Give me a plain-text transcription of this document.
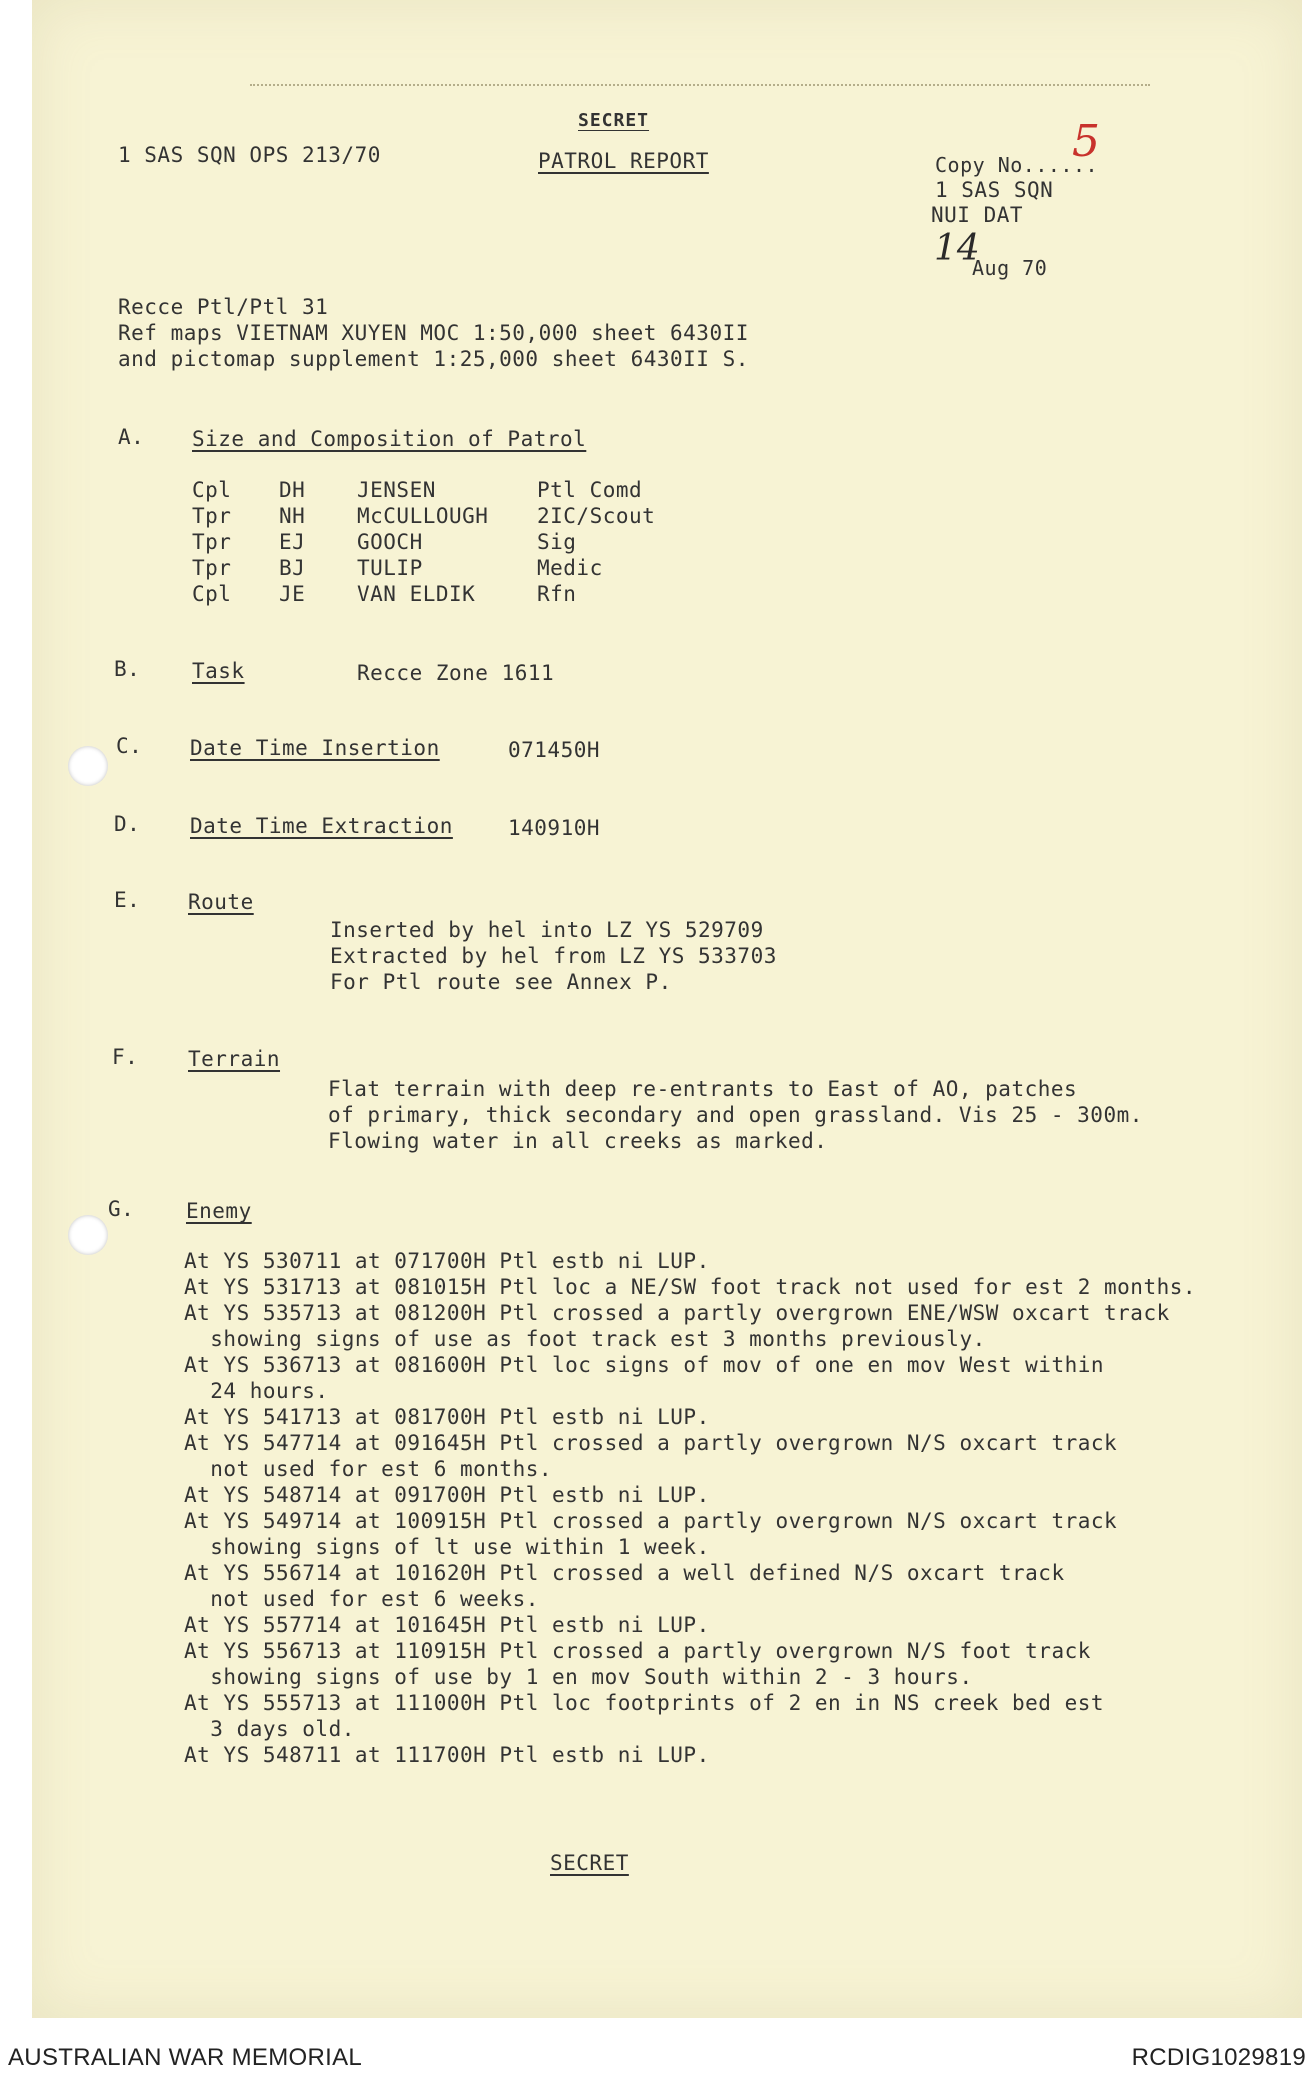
SECRET
1 SAS SQN OPS 213/70	PATROL REPORT	Copy No......
5
1 SAS SQN
NUI DAT
14
Aug 70
Recce Ptl/Ptl 31
Ref maps VIETNAM XUYEN MOC 1:50,000 sheet 6430II
and pictomap supplement 1:25,000 sheet 6430II S.
A. Size and Composition of Patrol
Cpl	DH	JENSEN	Ptl Comd
Tpr	NH	McCULLOUGH	2IC/Scout
Tpr	EJ	GOOCH	Sig
Tpr	BJ	TULIP	Medic
Cpl	JE	VAN ELDIK	Rfn
B. Task	Recce Zone 1611
C. Date Time Insertion	071450H
D. Date Time Extraction	140910H
E. Route
Inserted by hel into LZ YS 529709
Extracted by hel from LZ YS 533703
For Ptl route see Annex P.
F. Terrain
Flat terrain with deep re-entrants to East of AO, patches
of primary, thick secondary and open grassland. Vis 25 - 300m.
Flowing water in all creeks as marked.
G. Enemy
At YS 530711 at 071700H Ptl estb ni LUP.
At YS 531713 at 081015H Ptl loc a NE/SW foot track not used for est 2 months.
At YS 535713 at 081200H Ptl crossed a partly overgrown ENE/WSW oxcart track
showing signs of use as foot track est 3 months previously.
At YS 536713 at 081600H Ptl loc signs of mov of one en mov West within
24 hours.
At YS 541713 at 081700H Ptl estb ni LUP.
At YS 547714 at 091645H Ptl crossed a partly overgrown N/S oxcart track
not used for est 6 months.
At YS 548714 at 091700H Ptl estb ni LUP.
At YS 549714 at 100915H Ptl crossed a partly overgrown N/S oxcart track
showing signs of lt use within 1 week.
At YS 556714 at 101620H Ptl crossed a well defined N/S oxcart track
not used for est 6 weeks.
At YS 557714 at 101645H Ptl estb ni LUP.
At YS 556713 at 110915H Ptl crossed a partly overgrown N/S foot track
showing signs of use by 1 en mov South within 2 - 3 hours.
At YS 555713 at 111000H Ptl loc footprints of 2 en in NS creek bed est
3 days old.
At YS 548711 at 111700H Ptl estb ni LUP.
SECRET
AUSTRALIAN WAR MEMORIAL	RCDIG1029819
